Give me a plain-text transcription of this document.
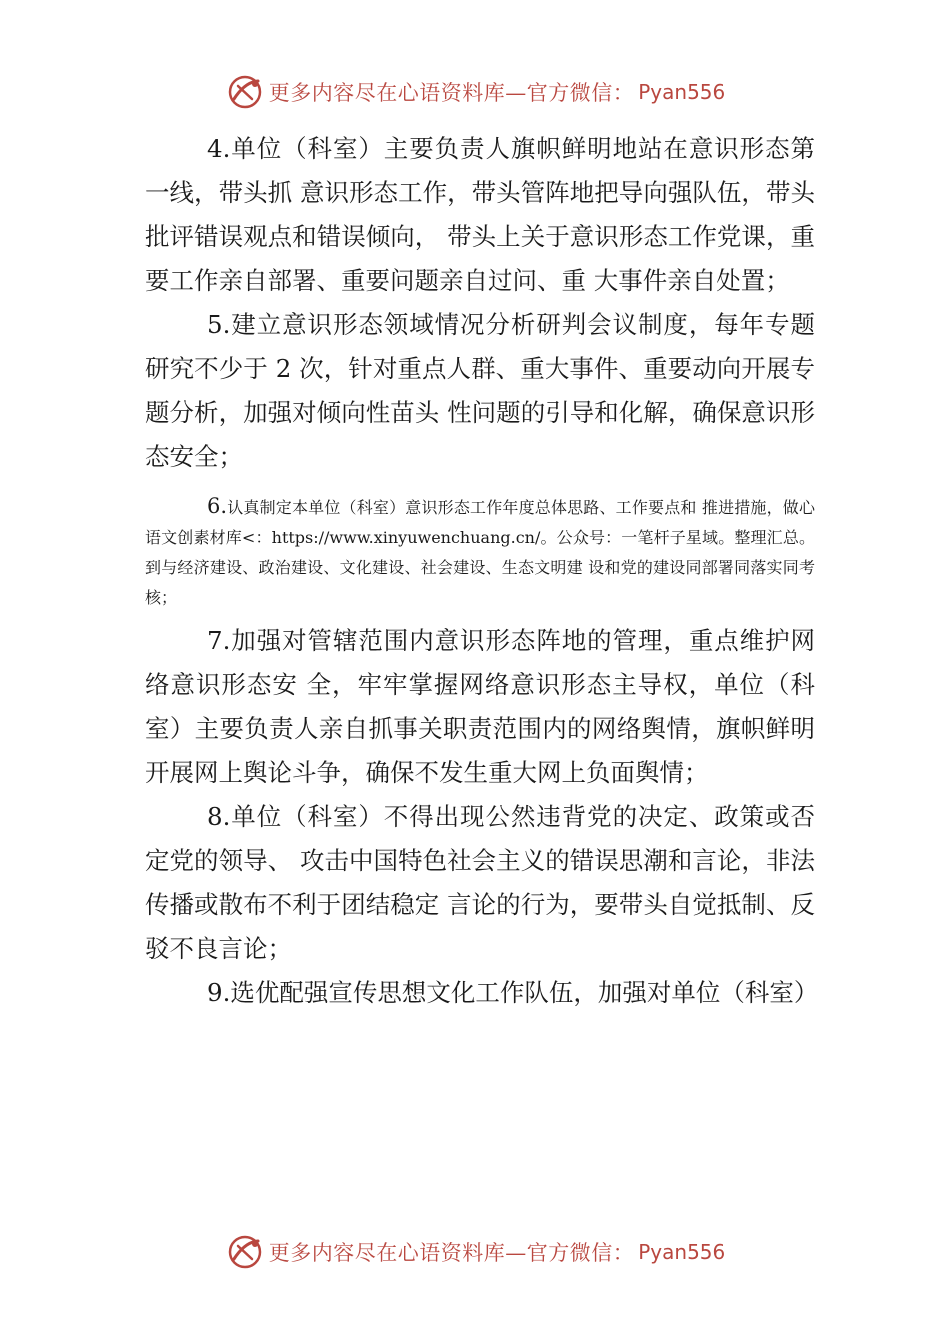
更多内容尽在心语资料库—官方微信： Pyan556

4.单位（科室）主要负责人旗帜鲜明地站在意识形态第一线，带头抓 意识形态工作，带头管阵地把导向强队伍，带头批评错误观点和错误倾向， 带头上关于意识形态工作党课，重要工作亲自部署、重要问题亲自过问、重 大事件亲自处置；

5.建立意识形态领域情况分析研判会议制度，每年专题研究不少于 2 次，针对重点人群、重大事件、重要动向开展专题分析，加强对倾向性苗头 性问题的引导和化解，确保意识形态安全；

6.认真制定本单位（科室）意识形态工作年度总体思路、工作要点和 推进措施，做心语文创素材库<：https://www.xinyuwenchuang.cn/。公众号：一笔杆子星域。整理汇总。到与经济建设、政治建设、文化建设、社会建设、生态文明建 设和党的建设同部署同落实同考核；

7.加强对管辖范围内意识形态阵地的管理，重点维护网络意识形态安 全，牢牢掌握网络意识形态主导权，单位（科室）主要负责人亲自抓事关职责范围内的网络舆情，旗帜鲜明开展网上舆论斗争，确保不发生重大网上负面舆情；

8.单位（科室）不得出现公然违背党的决定、政策或否定党的领导、 攻击中国特色社会主义的错误思潮和言论，非法传播或散布不利于团结稳定 言论的行为，要带头自觉抵制、反驳不良言论；

9.选优配强宣传思想文化工作队伍，加强对单位（科室）

更多内容尽在心语资料库—官方微信： Pyan556
